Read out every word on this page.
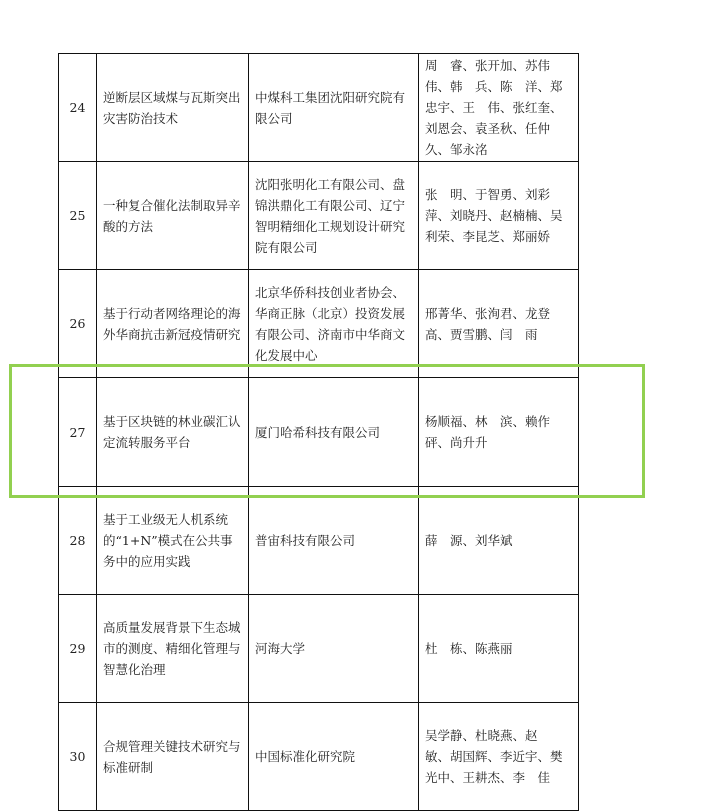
24	逆断层区域煤与瓦斯突出灾害防治技术	中煤科工集团沈阳研究院有限公司	周　睿、张开加、苏伟伟、韩　兵、陈　洋、郑忠宇、王　伟、张红奎、刘恩会、袁圣秋、任仲久、邹永洺
25	一种复合催化法制取异辛酸的方法	沈阳张明化工有限公司、盘锦洪鼎化工有限公司、辽宁智明精细化工规划设计研究院有限公司	张　明、于智勇、刘彩萍、刘晓丹、赵楠楠、吴利荣、李昆芝、郑丽娇
26	基于行动者网络理论的海外华商抗击新冠疫情研究	北京华侨科技创业者协会、华商正脉（北京）投资发展有限公司、济南市中华商文化发展中心	邢菁华、张洵君、龙登高、贾雪鹏、闫　雨
27	基于区块链的林业碳汇认定流转服务平台	厦门哈希科技有限公司	杨顺福、林　滨、赖作砰、尚升升
28	基于工业级无人机系统的“1+N”模式在公共事务中的应用实践	普宙科技有限公司	薛　源、刘华斌
29	高质量发展背景下生态城市的测度、精细化管理与智慧化治理	河海大学	杜　栋、陈燕丽
30	合规管理关键技术研究与标准研制	中国标准化研究院	吴学静、杜晓燕、赵　敏、胡国辉、李近宇、樊光中、王耕杰、李　佳
